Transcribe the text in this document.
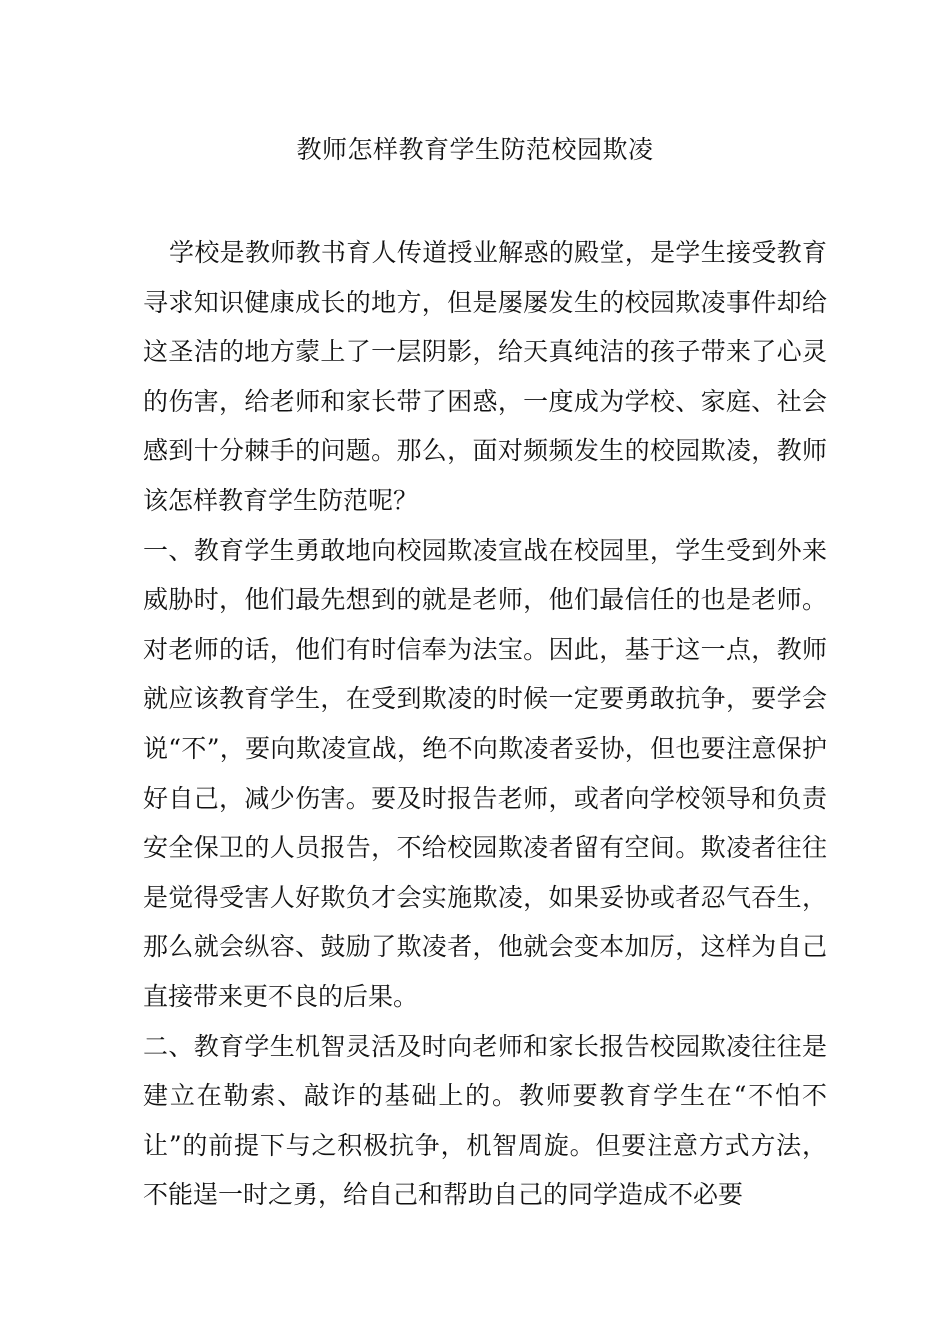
教师怎样教育学生防范校园欺凌

学校是教师教书育人传道授业解惑的殿堂，是学生接受教育寻求知识健康成长的地方，但是屡屡发生的校园欺凌事件却给这圣洁的地方蒙上了一层阴影，给天真纯洁的孩子带来了心灵的伤害，给老师和家长带了困惑，一度成为学校、家庭、社会感到十分棘手的问题。那么，面对频频发生的校园欺凌，教师该怎样教育学生防范呢？

一、教育学生勇敢地向校园欺凌宣战在校园里，学生受到外来威胁时，他们最先想到的就是老师，他们最信任的也是老师。对老师的话，他们有时信奉为法宝。因此，基于这一点，教师就应该教育学生，在受到欺凌的时候一定要勇敢抗争，要学会说“不”，要向欺凌宣战，绝不向欺凌者妥协，但也要注意保护好自己，减少伤害。要及时报告老师，或者向学校领导和负责安全保卫的人员报告，不给校园欺凌者留有空间。欺凌者往往是觉得受害人好欺负才会实施欺凌，如果妥协或者忍气吞生，那么就会纵容、鼓励了欺凌者，他就会变本加厉，这样为自己直接带来更不良的后果。

二、教育学生机智灵活及时向老师和家长报告校园欺凌往往是建立在勒索、敲诈的基础上的。教师要教育学生在“不怕不让”的前提下与之积极抗争，机智周旋。但要注意方式方法，不能逞一时之勇，给自己和帮助自己的同学造成不必要
